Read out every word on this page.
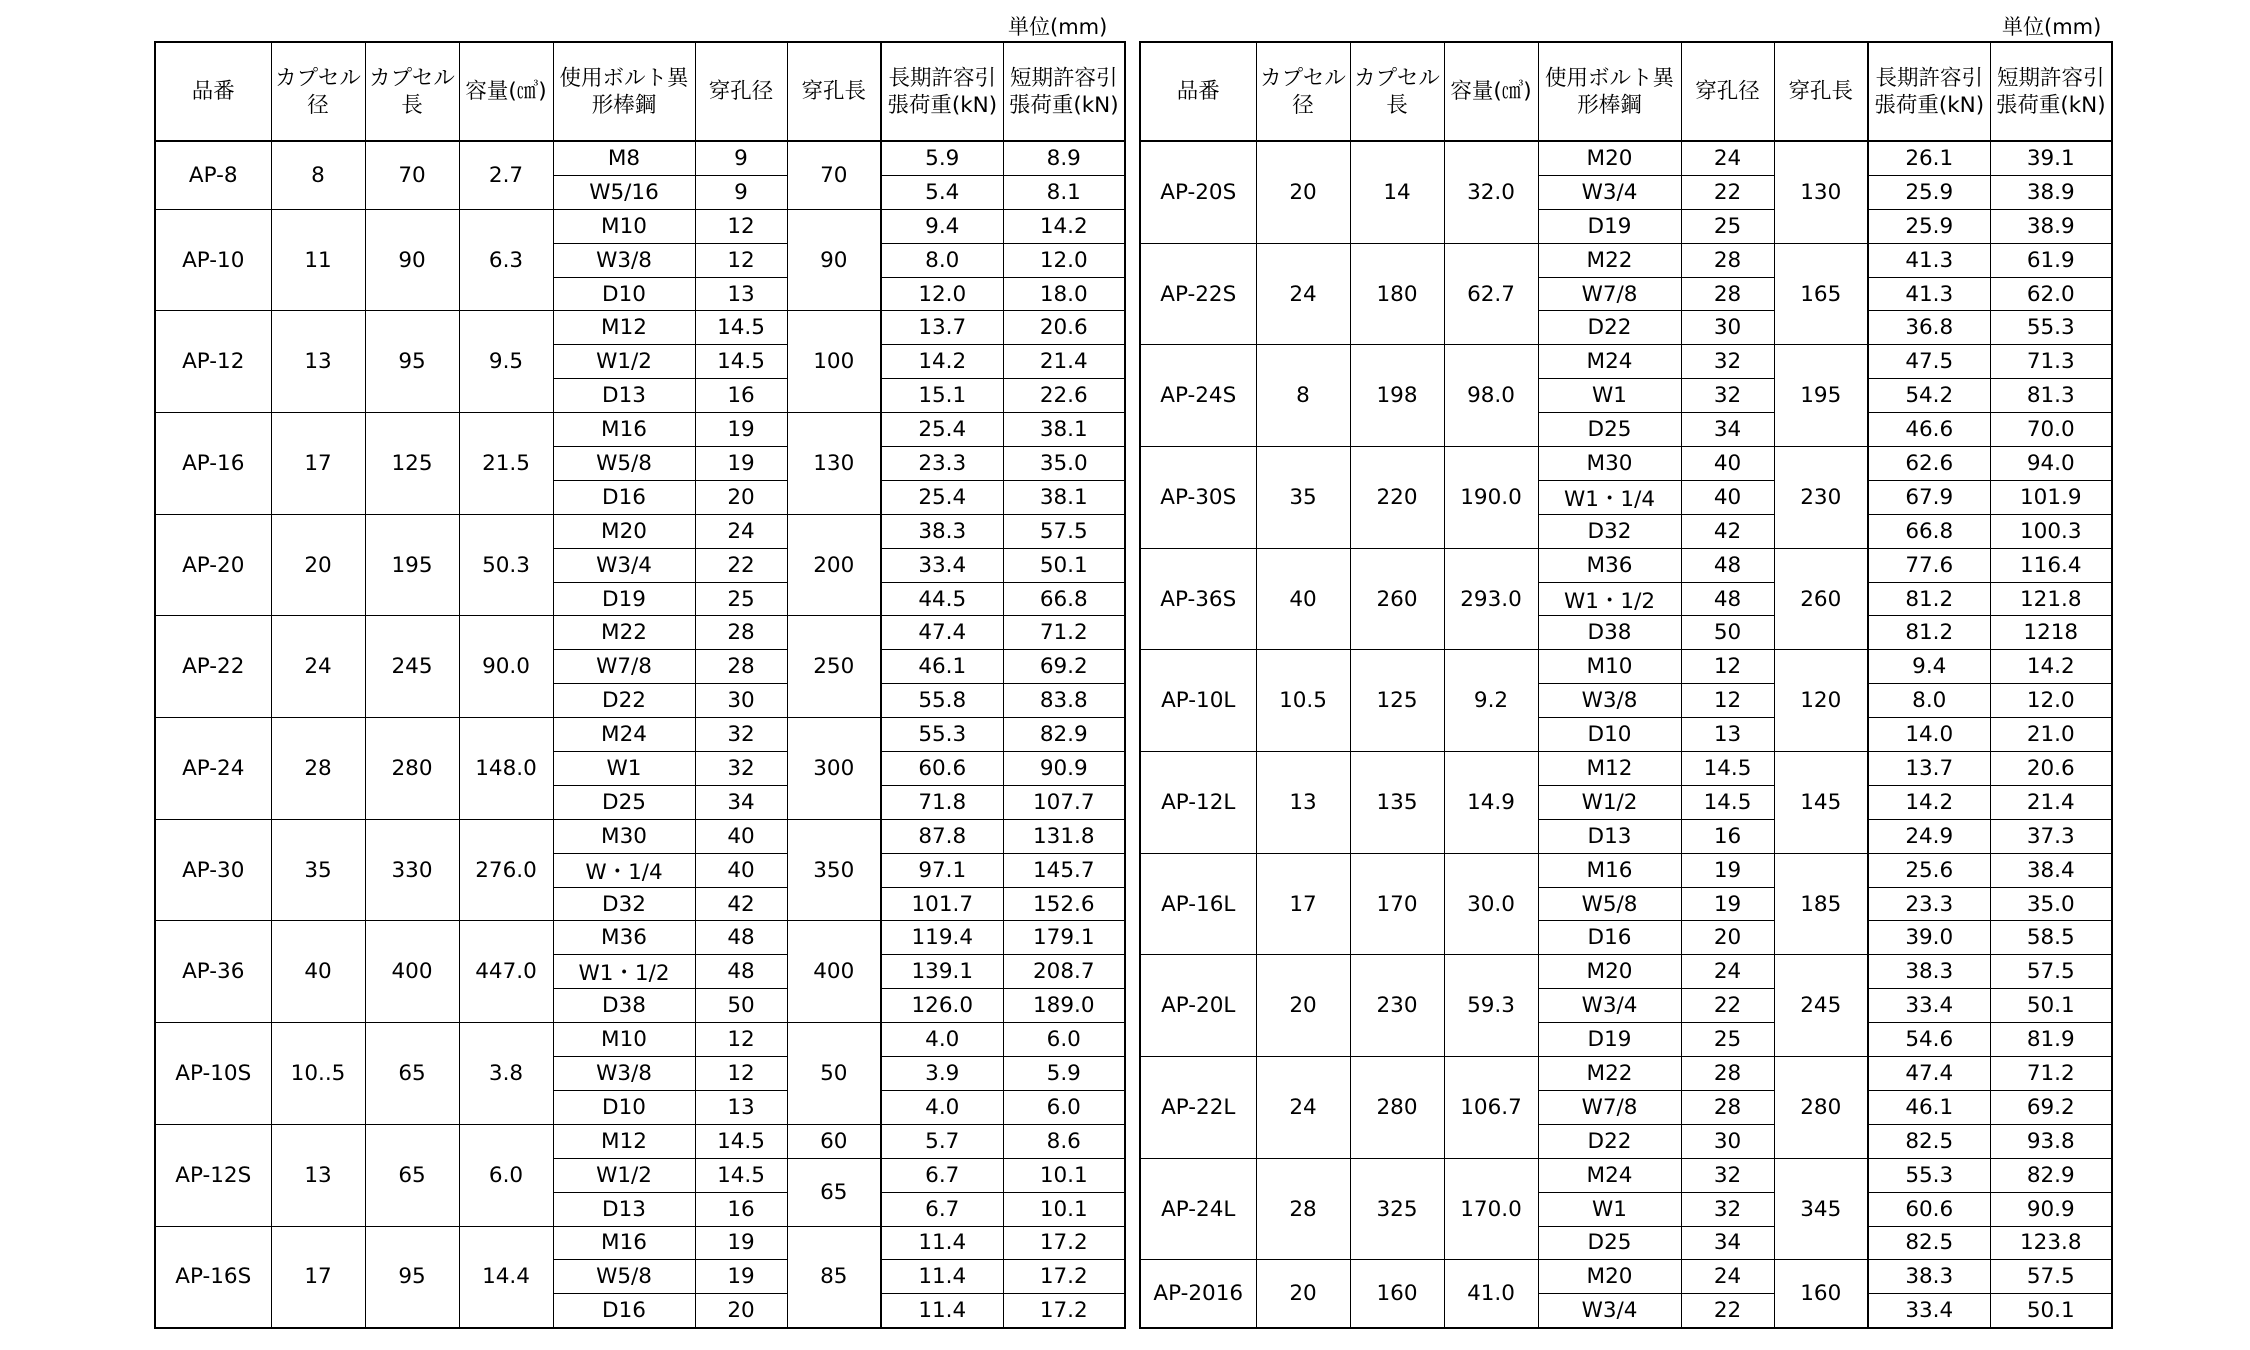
単位(mm)
品番	カプセル径	カプセル長	容量(㎤)	使用ボルト異形棒鋼	穿孔径	穿孔長	長期許容引張荷重(kN)	短期許容引張荷重(kN)
AP-8	8	70	2.7	M8	9	70	5.9	8.9
				W5/16	9		5.4	8.1
AP-10	11	90	6.3	M10	12	90	9.4	14.2
				W3/8	12		8.0	12.0
				D10	13		12.0	18.0
AP-12	13	95	9.5	M12	14.5	100	13.7	20.6
				W1/2	14.5		14.2	21.4
				D13	16		15.1	22.6
AP-16	17	125	21.5	M16	19	130	25.4	38.1
				W5/8	19		23.3	35.0
				D16	20		25.4	38.1
AP-20	20	195	50.3	M20	24	200	38.3	57.5
				W3/4	22		33.4	50.1
				D19	25		44.5	66.8
AP-22	24	245	90.0	M22	28	250	47.4	71.2
				W7/8	28		46.1	69.2
				D22	30		55.8	83.8
AP-24	28	280	148.0	M24	32	300	55.3	82.9
				W1	32		60.6	90.9
				D25	34		71.8	107.7
AP-30	35	330	276.0	M30	40	350	87.8	131.8
				W・1/4	40		97.1	145.7
				D32	42		101.7	152.6
AP-36	40	400	447.0	M36	48	400	119.4	179.1
				W1・1/2	48		139.1	208.7
				D38	50		126.0	189.0
AP-10S	10..5	65	3.8	M10	12	50	4.0	6.0
				W3/8	12		3.9	5.9
				D10	13		4.0	6.0
AP-12S	13	65	6.0	M12	14.5	60	5.7	8.6
				W1/2	14.5	65	6.7	10.1
				D13	16		6.7	10.1
AP-16S	17	95	14.4	M16	19	85	11.4	17.2
				W5/8	19		11.4	17.2
				D16	20		11.4	17.2
単位(mm)
品番	カプセル径	カプセル長	容量(㎤)	使用ボルト異形棒鋼	穿孔径	穿孔長	長期許容引張荷重(kN)	短期許容引張荷重(kN)
AP-20S	20	14	32.0	M20	24	130	26.1	39.1
				W3/4	22		25.9	38.9
				D19	25		25.9	38.9
AP-22S	24	180	62.7	M22	28	165	41.3	61.9
				W7/8	28		41.3	62.0
				D22	30		36.8	55.3
AP-24S	8	198	98.0	M24	32	195	47.5	71.3
				W1	32		54.2	81.3
				D25	34		46.6	70.0
AP-30S	35	220	190.0	M30	40	230	62.6	94.0
				W1・1/4	40		67.9	101.9
				D32	42		66.8	100.3
AP-36S	40	260	293.0	M36	48	260	77.6	116.4
				W1・1/2	48		81.2	121.8
				D38	50		81.2	1218
AP-10L	10.5	125	9.2	M10	12	120	9.4	14.2
				W3/8	12		8.0	12.0
				D10	13		14.0	21.0
AP-12L	13	135	14.9	M12	14.5	145	13.7	20.6
				W1/2	14.5		14.2	21.4
				D13	16		24.9	37.3
AP-16L	17	170	30.0	M16	19	185	25.6	38.4
				W5/8	19		23.3	35.0
				D16	20		39.0	58.5
AP-20L	20	230	59.3	M20	24	245	38.3	57.5
				W3/4	22		33.4	50.1
				D19	25		54.6	81.9
AP-22L	24	280	106.7	M22	28	280	47.4	71.2
				W7/8	28		46.1	69.2
				D22	30		82.5	93.8
AP-24L	28	325	170.0	M24	32	345	55.3	82.9
				W1	32		60.6	90.9
				D25	34		82.5	123.8
AP-2016	20	160	41.0	M20	24	160	38.3	57.5
				W3/4	22		33.4	50.1
